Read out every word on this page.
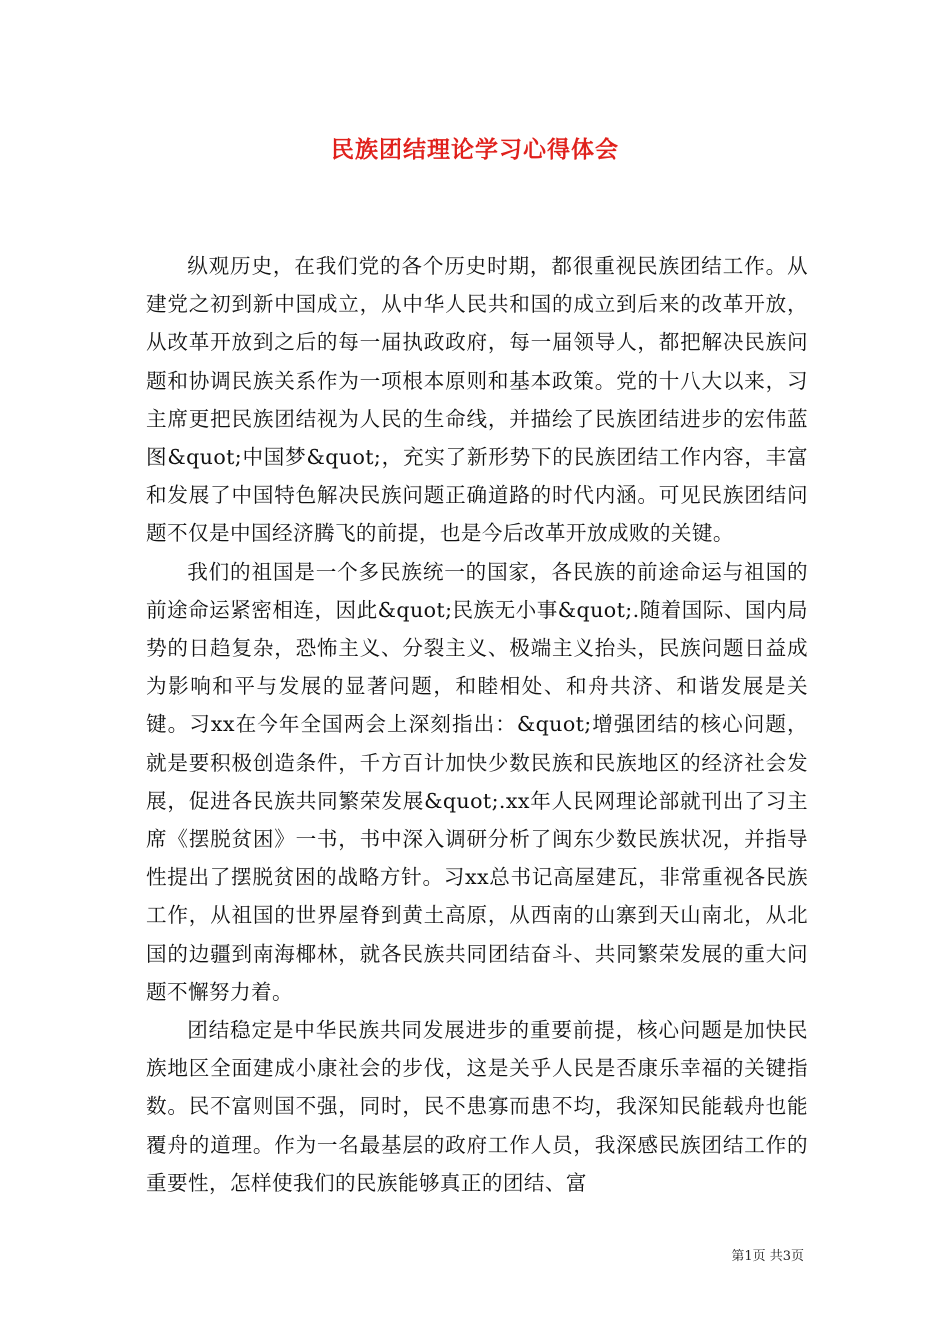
民族团结理论学习心得体会

纵观历史，在我们党的各个历史时期，都很重视民族团结工作。从建党之初到新中国成立，从中华人民共和国的成立到后来的改革开放，从改革开放到之后的每一届执政政府，每一届领导人，都把解决民族问题和协调民族关系作为一项根本原则和基本政策。党的十八大以来，习主席更把民族团结视为人民的生命线，并描绘了民族团结进步的宏伟蓝图&quot;中国梦&quot;，充实了新形势下的民族团结工作内容，丰富和发展了中国特色解决民族问题正确道路的时代内涵。可见民族团结问题不仅是中国经济腾飞的前提，也是今后改革开放成败的关键。

我们的祖国是一个多民族统一的国家，各民族的前途命运与祖国的前途命运紧密相连，因此&quot;民族无小事&quot;.随着国际、国内局势的日趋复杂，恐怖主义、分裂主义、极端主义抬头，民族问题日益成为影响和平与发展的显著问题，和睦相处、和舟共济、和谐发展是关键。习xx在今年全国两会上深刻指出：&quot;增强团结的核心问题，就是要积极创造条件，千方百计加快少数民族和民族地区的经济社会发展，促进各民族共同繁荣发展&quot;.xx年人民网理论部就刊出了习主席《摆脱贫困》一书，书中深入调研分析了闽东少数民族状况，并指导性提出了摆脱贫困的战略方针。习xx总书记高屋建瓦，非常重视各民族工作，从祖国的世界屋脊到黄土高原，从西南的山寨到天山南北，从北国的边疆到南海椰林，就各民族共同团结奋斗、共同繁荣发展的重大问题不懈努力着。

团结稳定是中华民族共同发展进步的重要前提，核心问题是加快民族地区全面建成小康社会的步伐，这是关乎人民是否康乐幸福的关键指数。民不富则国不强，同时，民不患寡而患不均，我深知民能载舟也能覆舟的道理。作为一名最基层的政府工作人员，我深感民族团结工作的重要性，怎样使我们的民族能够真正的团结、富

第1页 共3页
